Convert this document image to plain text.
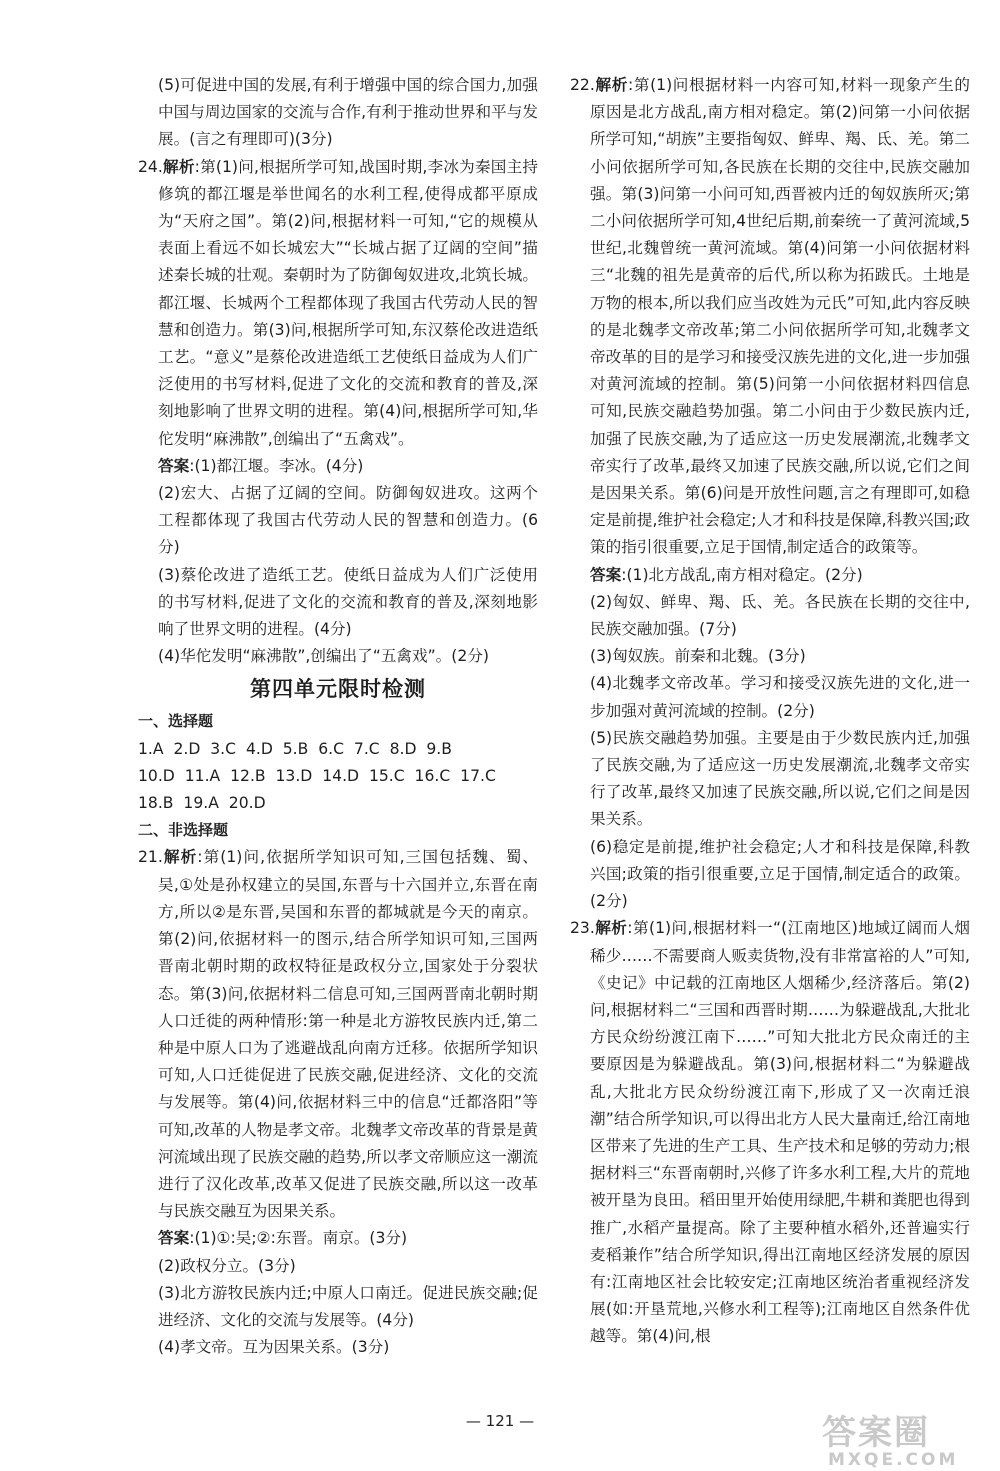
(5)可促进中国的发展,有利于增强中国的综合国力,加强中国与周边国家的交流与合作,有利于推动世界和平与发展。(言之有理即可)(3分)

24.解析:第(1)问,根据所学可知,战国时期,李冰为秦国主持修筑的都江堰是举世闻名的水利工程,使得成都平原成为“天府之国”。第(2)问,根据材料一可知,“它的规模从表面上看远不如长城宏大”“长城占据了辽阔的空间”描述秦长城的壮观。秦朝时为了防御匈奴进攻,北筑长城。都江堰、长城两个工程都体现了我国古代劳动人民的智慧和创造力。第(3)问,根据所学可知,东汉蔡伦改进造纸工艺。“意义”是蔡伦改进造纸工艺使纸日益成为人们广泛使用的书写材料,促进了文化的交流和教育的普及,深刻地影响了世界文明的进程。第(4)问,根据所学可知,华佗发明“麻沸散”,创编出了“五禽戏”。

答案:(1)都江堰。李冰。(4分)

(2)宏大、占据了辽阔的空间。防御匈奴进攻。这两个工程都体现了我国古代劳动人民的智慧和创造力。(6分)

(3)蔡伦改进了造纸工艺。使纸日益成为人们广泛使用的书写材料,促进了文化的交流和教育的普及,深刻地影响了世界文明的进程。(4分)

(4)华佗发明“麻沸散”,创编出了“五禽戏”。(2分)

第四单元限时检测

一、选择题

1.A  2.D  3.C  4.D  5.B  6.C  7.C  8.D  9.B

10.D  11.A  12.B  13.D  14.D  15.C  16.C  17.C

18.B  19.A  20.D

二、非选择题

21.解析:第(1)问,依据所学知识可知,三国包括魏、蜀、吴,①处是孙权建立的吴国,东晋与十六国并立,东晋在南方,所以②是东晋,吴国和东晋的都城就是今天的南京。第(2)问,依据材料一的图示,结合所学知识可知,三国两晋南北朝时期的政权特征是政权分立,国家处于分裂状态。第(3)问,依据材料二信息可知,三国两晋南北朝时期人口迁徙的两种情形:第一种是北方游牧民族内迁,第二种是中原人口为了逃避战乱向南方迁移。依据所学知识可知,人口迁徙促进了民族交融,促进经济、文化的交流与发展等。第(4)问,依据材料三中的信息“迁都洛阳”等可知,改革的人物是孝文帝。北魏孝文帝改革的背景是黄河流域出现了民族交融的趋势,所以孝文帝顺应这一潮流进行了汉化改革,改革又促进了民族交融,所以这一改革与民族交融互为因果关系。

答案:(1)①:吴;②:东晋。南京。(3分)

(2)政权分立。(3分)

(3)北方游牧民族内迁;中原人口南迁。促进民族交融;促进经济、文化的交流与发展等。(4分)

(4)孝文帝。互为因果关系。(3分)

22.解析:第(1)问根据材料一内容可知,材料一现象产生的原因是北方战乱,南方相对稳定。第(2)问第一小问依据所学可知,“胡族”主要指匈奴、鲜卑、羯、氐、羌。第二小问依据所学可知,各民族在长期的交往中,民族交融加强。第(3)问第一小问可知,西晋被内迁的匈奴族所灭;第二小问依据所学可知,4世纪后期,前秦统一了黄河流域,5世纪,北魏曾统一黄河流域。第(4)问第一小问依据材料三“北魏的祖先是黄帝的后代,所以称为拓跋氏。土地是万物的根本,所以我们应当改姓为元氏”可知,此内容反映的是北魏孝文帝改革;第二小问依据所学可知,北魏孝文帝改革的目的是学习和接受汉族先进的文化,进一步加强对黄河流域的控制。第(5)问第一小问依据材料四信息可知,民族交融趋势加强。第二小问由于少数民族内迁,加强了民族交融,为了适应这一历史发展潮流,北魏孝文帝实行了改革,最终又加速了民族交融,所以说,它们之间是因果关系。第(6)问是开放性问题,言之有理即可,如稳定是前提,维护社会稳定;人才和科技是保障,科教兴国;政策的指引很重要,立足于国情,制定适合的政策等。

答案:(1)北方战乱,南方相对稳定。(2分)

(2)匈奴、鲜卑、羯、氐、羌。各民族在长期的交往中,民族交融加强。(7分)

(3)匈奴族。前秦和北魏。(3分)

(4)北魏孝文帝改革。学习和接受汉族先进的文化,进一步加强对黄河流域的控制。(2分)

(5)民族交融趋势加强。主要是由于少数民族内迁,加强了民族交融,为了适应这一历史发展潮流,北魏孝文帝实行了改革,最终又加速了民族交融,所以说,它们之间是因果关系。

(6)稳定是前提,维护社会稳定;人才和科技是保障,科教兴国;政策的指引很重要,立足于国情,制定适合的政策。(2分)

23.解析:第(1)问,根据材料一“(江南地区)地域辽阔而人烟稀少……不需要商人贩卖货物,没有非常富裕的人”可知,《史记》中记载的江南地区人烟稀少,经济落后。第(2)问,根据材料二“三国和西晋时期……为躲避战乱,大批北方民众纷纷渡江南下……”可知大批北方民众南迁的主要原因是为躲避战乱。第(3)问,根据材料二“为躲避战乱,大批北方民众纷纷渡江南下,形成了又一次南迁浪潮”结合所学知识,可以得出北方人民大量南迁,给江南地区带来了先进的生产工具、生产技术和足够的劳动力;根据材料三“东晋南朝时,兴修了许多水利工程,大片的荒地被开垦为良田。稻田里开始使用绿肥,牛耕和粪肥也得到推广,水稻产量提高。除了主要种植水稻外,还普遍实行麦稻兼作”结合所学知识,得出江南地区经济发展的原因有:江南地区社会比较安定;江南地区统治者重视经济发展(如:开垦荒地,兴修水利工程等);江南地区自然条件优越等。第(4)问,根

— 121 —	答案圈
MXQE.COM
